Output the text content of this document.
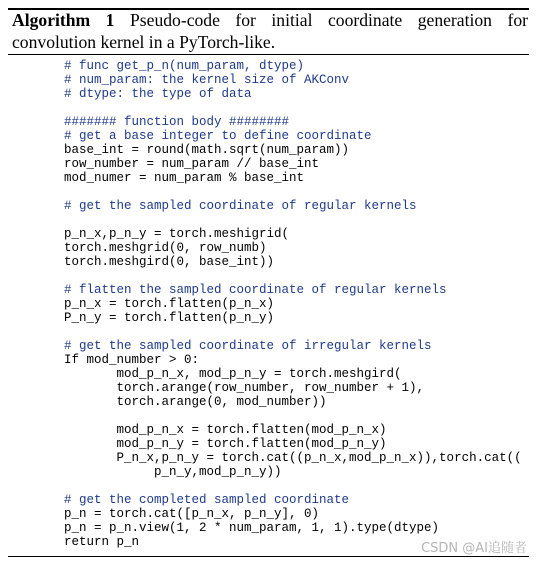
Algorithm 1 Pseudo-code for initial coordinate generation for convolution kernel in a PyTorch-like.
# func get_p_n(num_param, dtype)
# num_param: the kernel size of AKConv
# dtype: the type of data
####### function body ########
# get a base integer to define coordinate
base_int = round(math.sqrt(num_param))
row_number = num_param // base_int
mod_numer = num_param % base_int
# get the sampled coordinate of regular kernels
p_n_x,p_n_y = torch.meshigrid(
torch.meshgrid(0, row_numb)
torch.meshgird(0, base_int))
# flatten the sampled coordinate of regular kernels
p_n_x = torch.flatten(p_n_x)
P_n_y = torch.flatten(p_n_y)
# get the sampled coordinate of irregular kernels
If mod_number > 0:
mod_p_n_x, mod_p_n_y = torch.meshgird(
torch.arange(row_number, row_number + 1),
torch.arange(0, mod_number))
mod_p_n_x = torch.flatten(mod_p_n_x)
mod_p_n_y = torch.flatten(mod_p_n_y)
P_n_x,p_n_y = torch.cat((p_n_x,mod_p_n_x)),torch.cat((
p_n_y,mod_p_n_y))
# get the completed sampled coordinate
p_n = torch.cat([p_n_x, p_n_y], 0)
p_n = p_n.view(1, 2 * num_param, 1, 1).type(dtype)
return p_n	CSDN @AI追随者
